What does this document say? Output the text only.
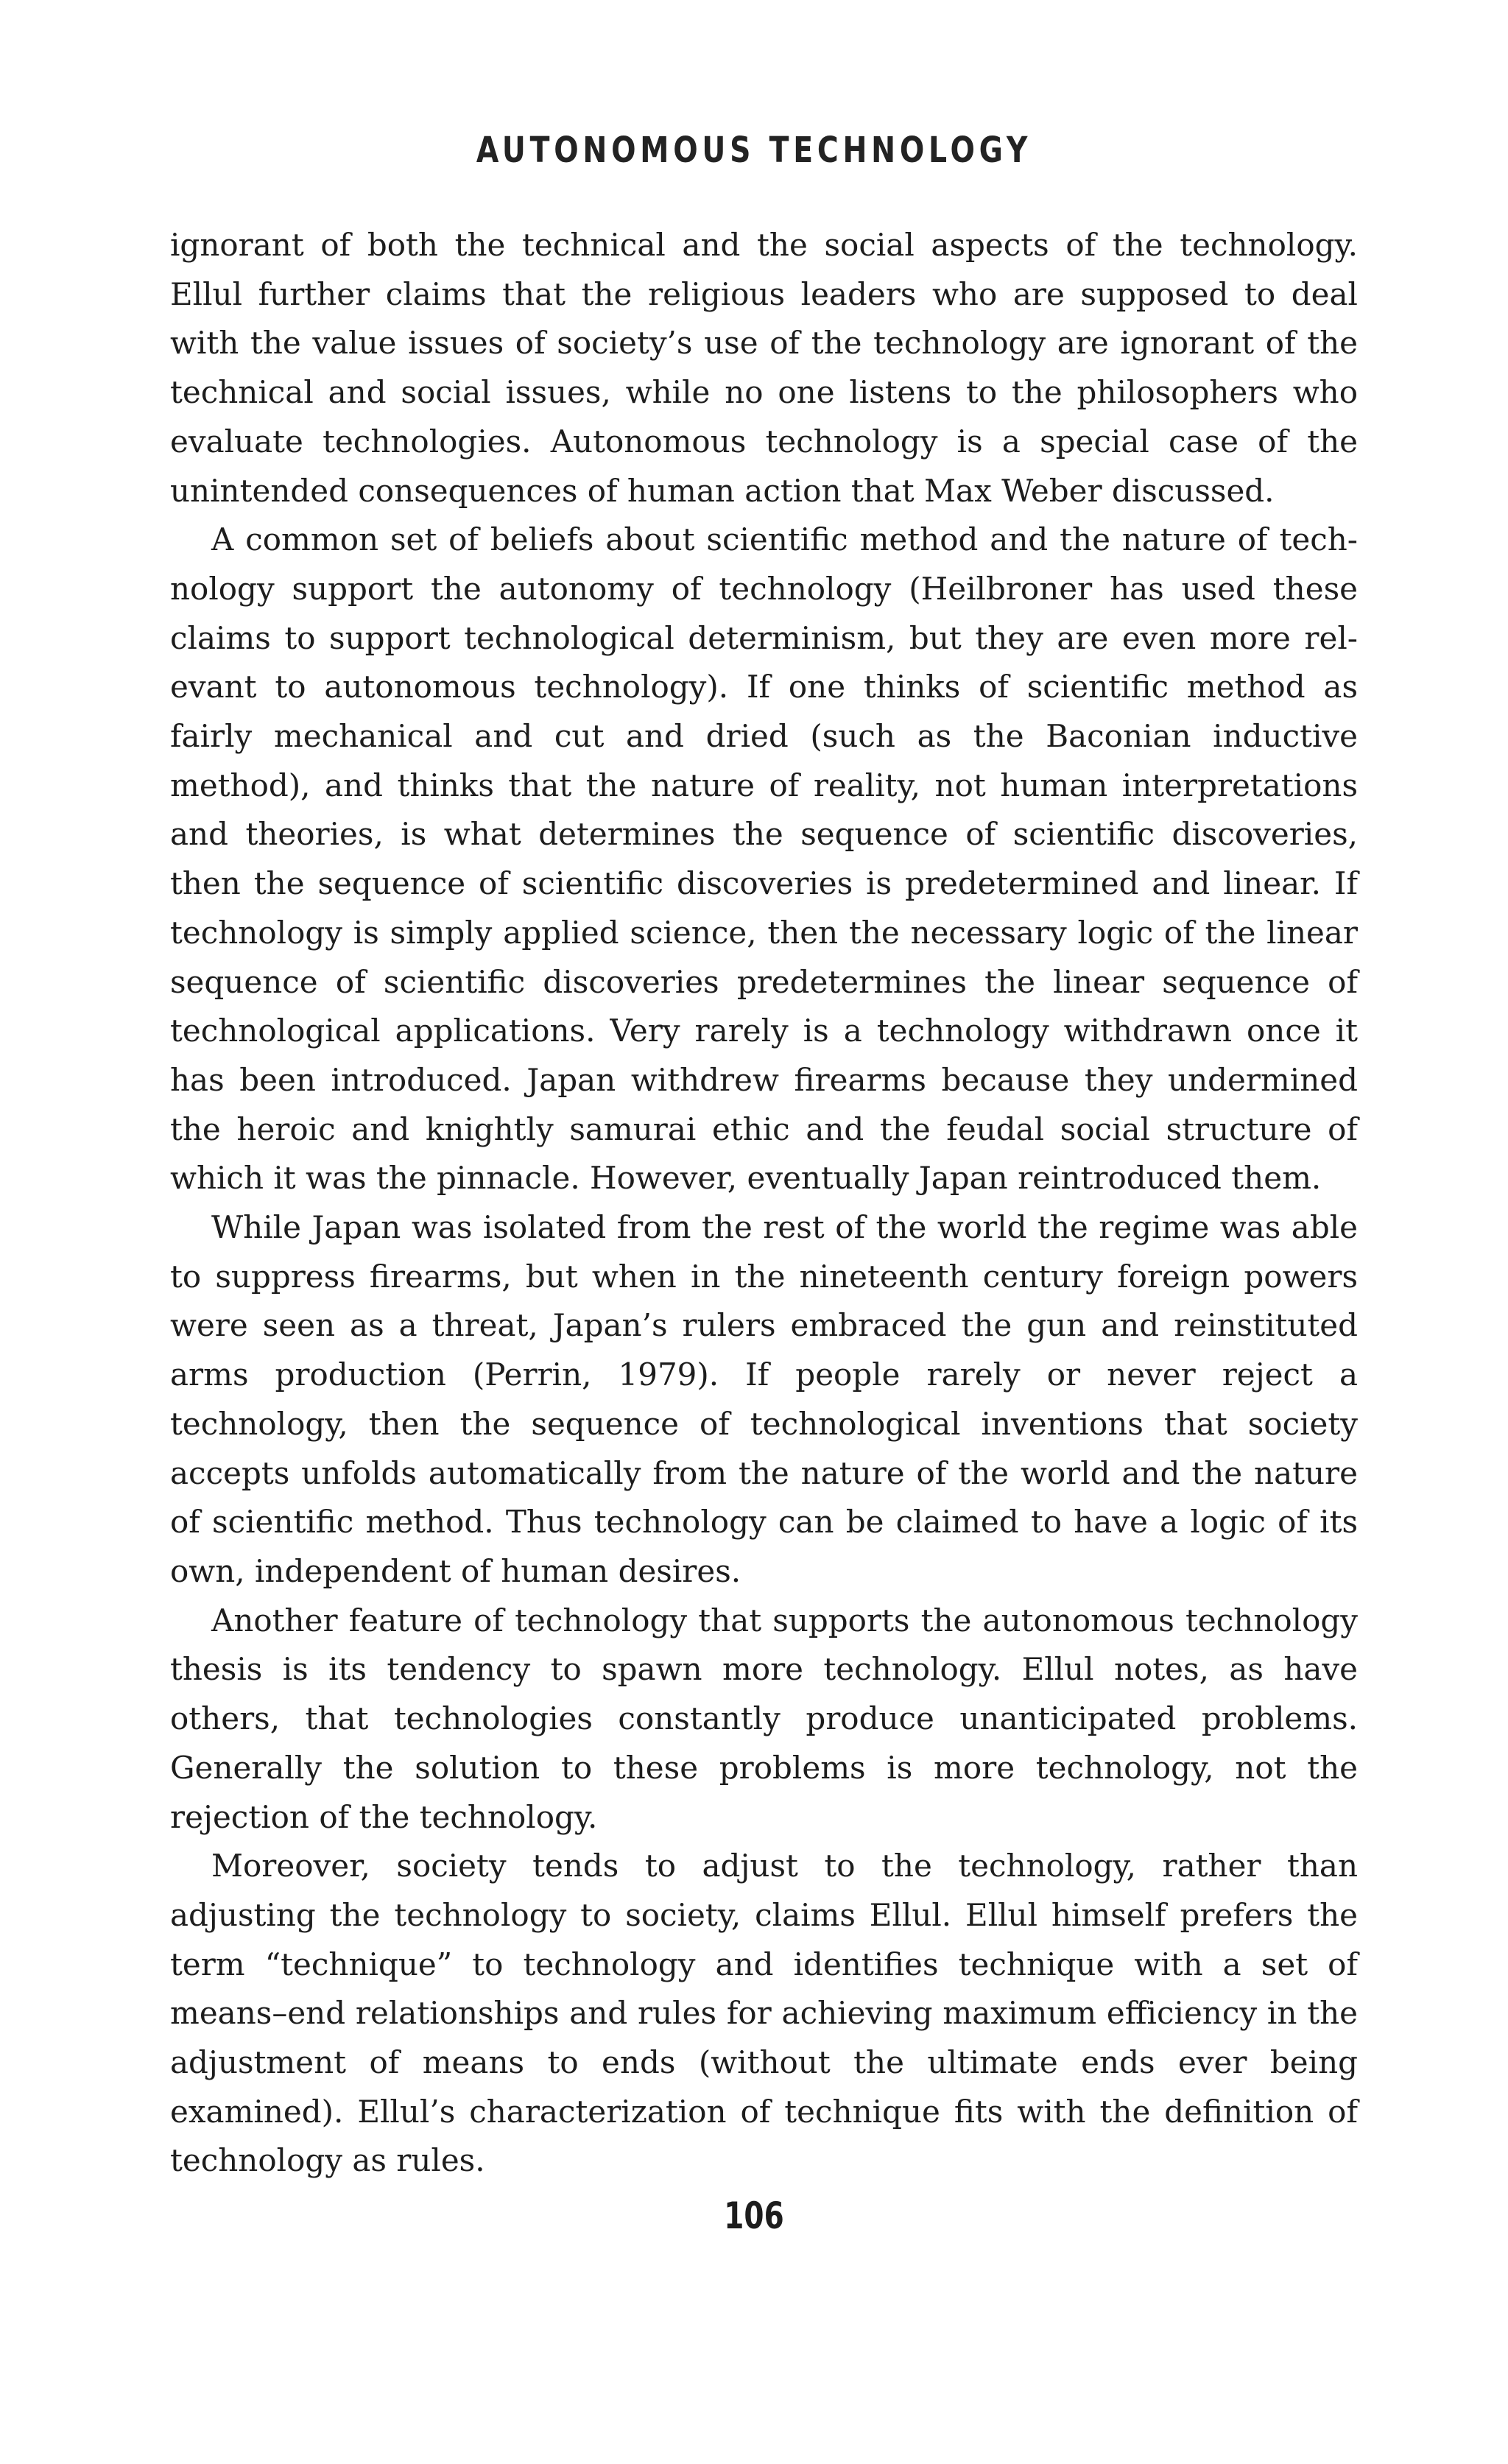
AUTONOMOUS TECHNOLOGY

ignorant of both the technical and the social aspects of the technology. Ellul further claims that the religious leaders who are supposed to deal with the value issues of society’s use of the technology are ignorant of the technical and social issues, while no one listens to the philosophers who evaluate technologies. Autonomous technology is a special case of the unintended consequences of human action that Max Weber discussed.

A common set of beliefs about scientific method and the nature of technology support the autonomy of technology (Heilbroner has used these claims to support technological determinism, but they are even more relevant to autonomous technology). If one thinks of scientific method as fairly mechanical and cut and dried (such as the Baconian inductive method), and thinks that the nature of reality, not human interpretations and theories, is what determines the sequence of scientific discoveries, then the sequence of scientific discoveries is predetermined and linear. If technology is simply applied science, then the necessary logic of the linear sequence of scientific discoveries predetermines the linear sequence of technological applications. Very rarely is a technology withdrawn once it has been introduced. Japan withdrew firearms because they undermined the heroic and knightly samurai ethic and the feudal social structure of which it was the pinnacle. However, eventually Japan reintroduced them.

While Japan was isolated from the rest of the world the regime was able to suppress firearms, but when in the nineteenth century foreign powers were seen as a threat, Japan’s rulers embraced the gun and reinstituted arms production (Perrin, 1979). If people rarely or never reject a technology, then the sequence of technological inventions that society accepts unfolds automatically from the nature of the world and the nature of scientific method. Thus technology can be claimed to have a logic of its own, independent of human desires.

Another feature of technology that supports the autonomous technology thesis is its tendency to spawn more technology. Ellul notes, as have others, that technologies constantly produce unanticipated problems. Generally the solution to these problems is more technology, not the rejection of the technology.

Moreover, society tends to adjust to the technology, rather than adjusting the technology to society, claims Ellul. Ellul himself prefers the term “technique” to technology and identifies technique with a set of means–end relationships and rules for achieving maximum efficiency in the adjustment of means to ends (without the ultimate ends ever being examined). Ellul’s characterization of technique fits with the definition of technology as rules.

106
